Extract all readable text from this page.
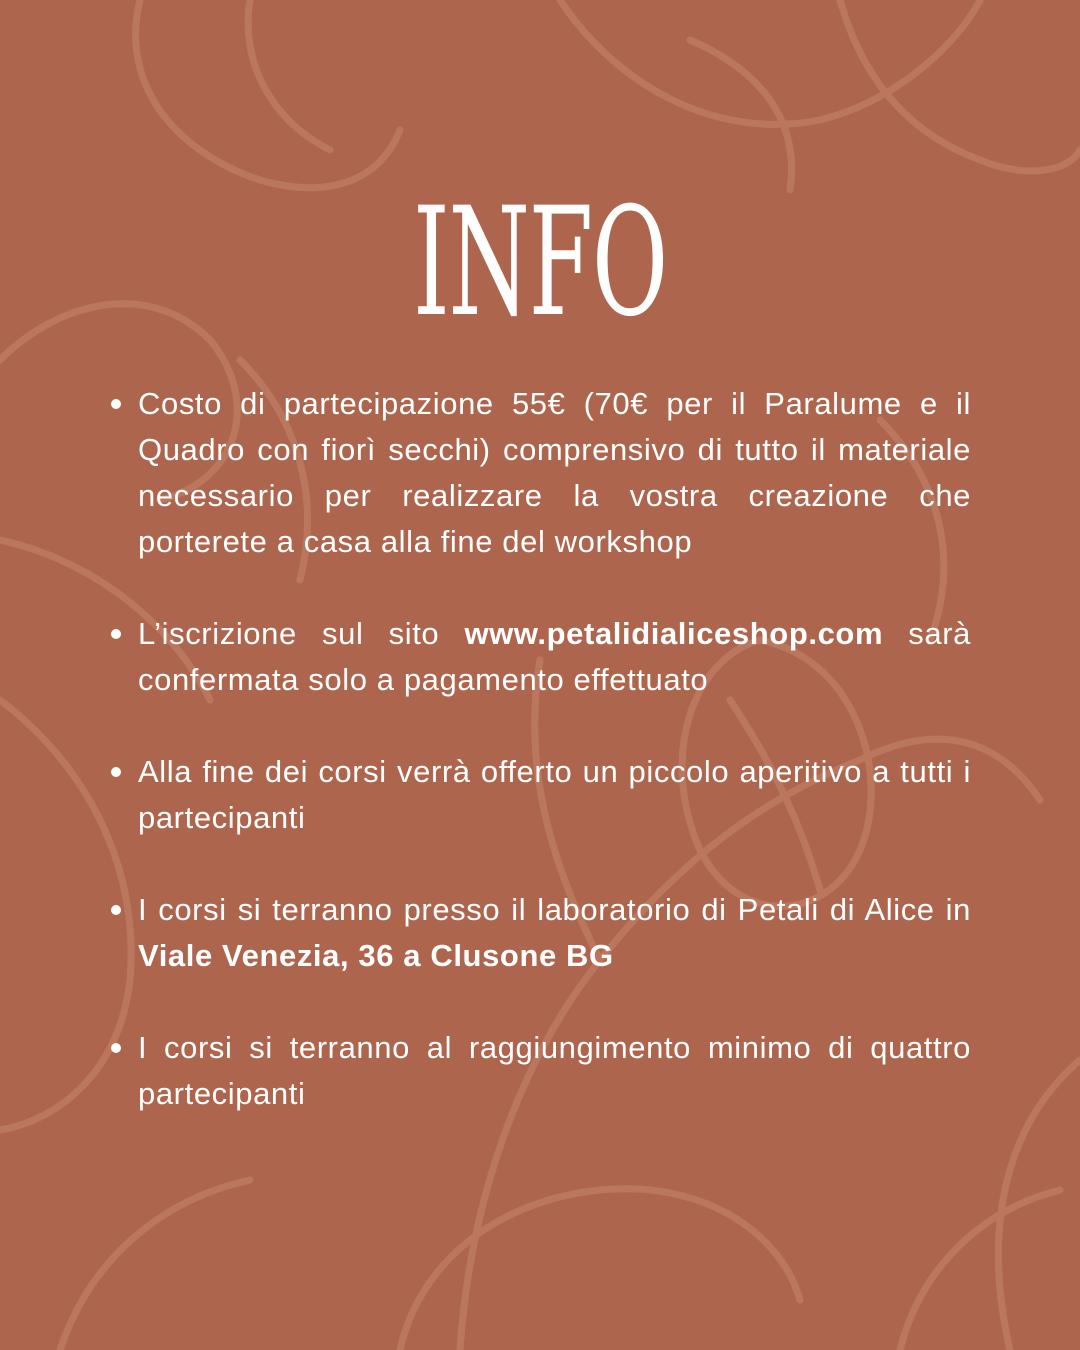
INFO
Costo di partecipazione 55€ (70€ per il Paralume e il Quadro con fiorì secchi) comprensivo di tutto il materiale necessario per realizzare la vostra creazione che porterete a casa alla fine del workshop
L’iscrizione sul sito www.petalidialiceshop.com sarà confermata solo a pagamento effettuato
Alla fine dei corsi verrà offerto un piccolo aperitivo a tutti i partecipanti
I corsi si terranno presso il laboratorio di Petali di Alice in Viale Venezia, 36 a Clusone BG
I corsi si terranno al raggiungimento minimo di quattro partecipanti
